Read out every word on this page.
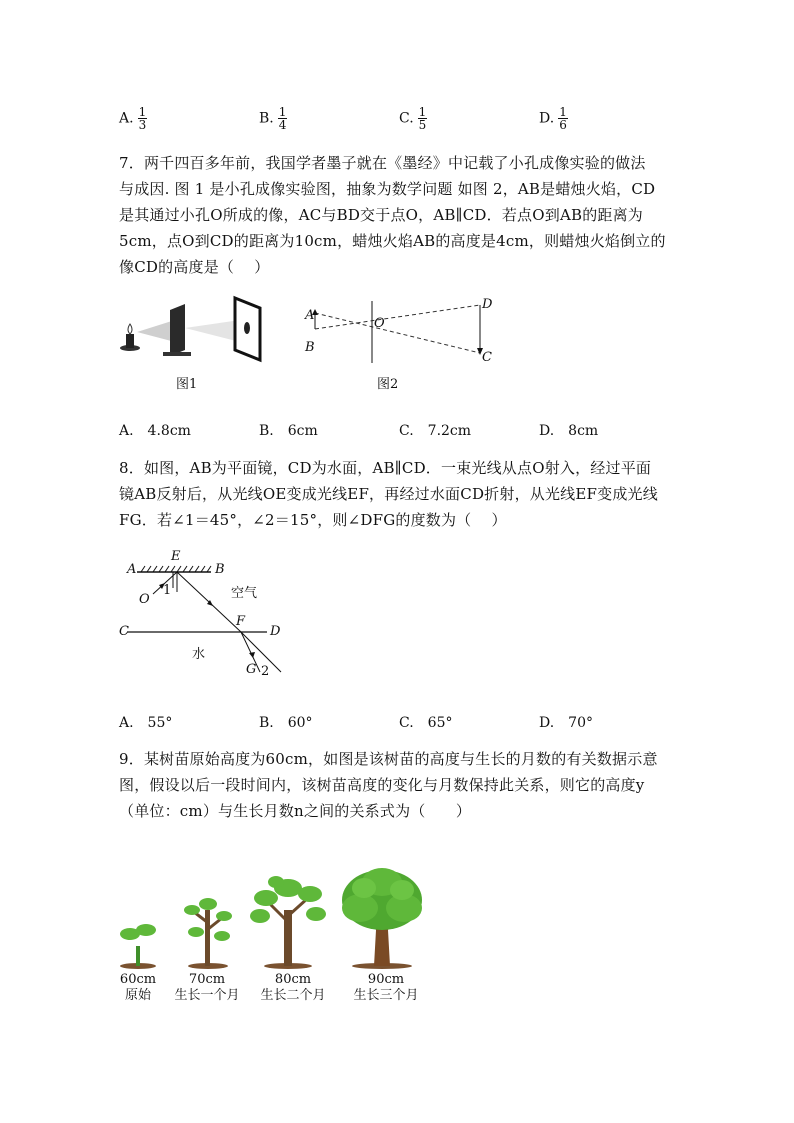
A. $\frac{1}{3}$	B. $\frac{1}{4}$	C. $\frac{1}{5}$	D. $\frac{1}{6}$
7．两千四百多年前，我国学者墨子就在《墨经》中记载了小孔成像实验的做法
与成因. 图 1 是小孔成像实验图，抽象为数学问题 如图 2，AB是蜡烛火焰，CD
是其通过小孔O所成的像，AC与BD交于点O，AB∥CD．若点O到AB的距离为
5cm，点O到CD的距离为10cm，蜡烛火焰AB的高度是4cm，则蜡烛火焰倒立的
像CD的高度是（　 ）
图1
A
B
O
D
C
图2
A.　4.8cm	B.　6cm	C.　7.2cm	D.　8cm
8．如图，AB为平面镜，CD为水面，AB∥CD．一束光线从点O射入，经过平面
镜AB反射后，从光线OE变成光线EF，再经过水面CD折射，从光线EF变成光线
FG．若∠1＝45°，∠2＝15°，则∠DFG的度数为（　 ）
E
A	B
O
1	空气
C
F
D
水
G 2
A.　55°	B.　60°	C.　65°	D.　70°
9．某树苗原始高度为60cm，如图是该树苗的高度与生长的月数的有关数据示意
图，假设以后一段时间内，该树苗高度的变化与月数保持此关系，则它的高度y
（单位：cm）与生长月数n之间的关系式为（　　）
60cm
原始
70cm
生长一个月
80cm
生长二个月
90cm
生长三个月
